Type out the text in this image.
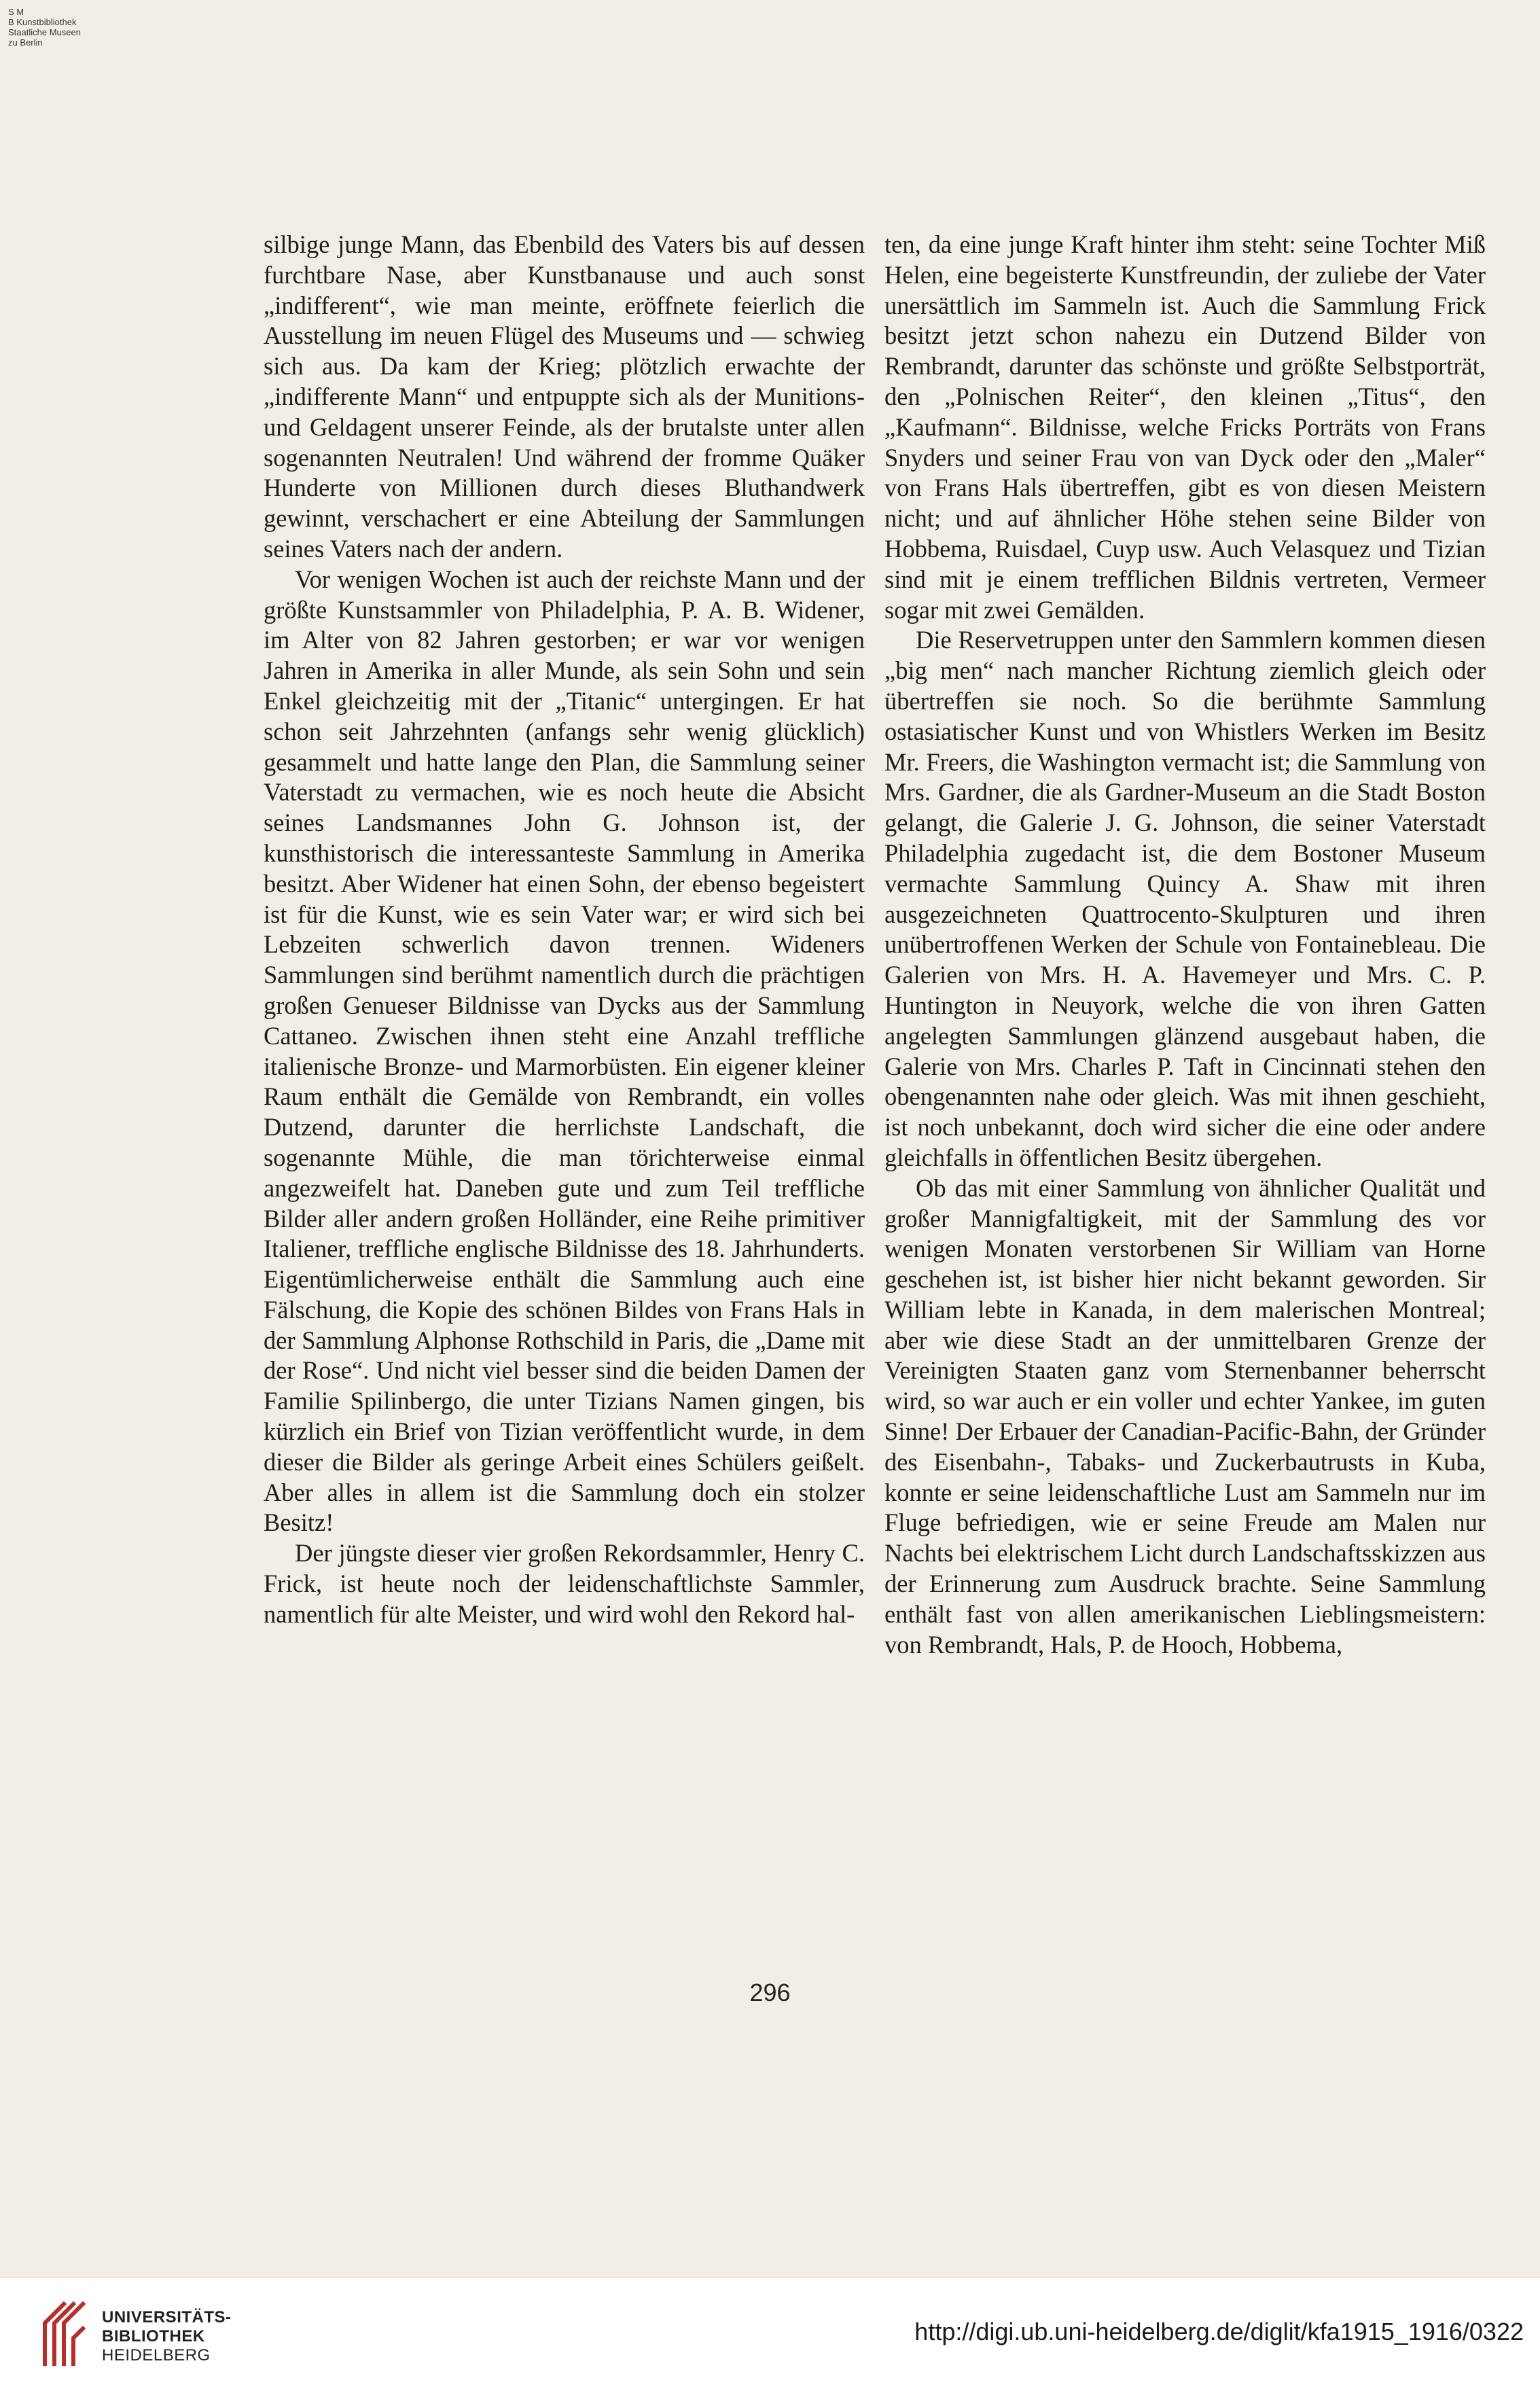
S M
B Kunstbibliothek
Staatliche Museen
zu Berlin

silbige junge Mann, das Ebenbild des Vaters bis auf dessen furchtbare Nase, aber Kunstbanause und auch sonst „indifferent“, wie man meinte, eröffnete feierlich die Ausstellung im neuen Flügel des Museums und — schwieg sich aus. Da kam der Krieg; plötzlich erwachte der „indifferente Mann“ und entpuppte sich als der Munitions- und Geldagent unserer Feinde, als der brutalste unter allen sogenannten Neutralen! Und während der fromme Quäker Hunderte von Millionen durch dieses Bluthandwerk gewinnt, verschachert er eine Abteilung der Sammlungen seines Vaters nach der andern.

Vor wenigen Wochen ist auch der reichste Mann und der größte Kunstsammler von Philadelphia, P. A. B. Widener, im Alter von 82 Jahren gestorben; er war vor wenigen Jahren in Amerika in aller Munde, als sein Sohn und sein Enkel gleichzeitig mit der „Titanic“ untergingen. Er hat schon seit Jahrzehnten (anfangs sehr wenig glücklich) gesammelt und hatte lange den Plan, die Sammlung seiner Vaterstadt zu vermachen, wie es noch heute die Absicht seines Landsmannes John G. Johnson ist, der kunsthistorisch die interessanteste Sammlung in Amerika besitzt. Aber Widener hat einen Sohn, der ebenso begeistert ist für die Kunst, wie es sein Vater war; er wird sich bei Lebzeiten schwerlich davon trennen. Wideners Sammlungen sind berühmt namentlich durch die prächtigen großen Genueser Bildnisse van Dycks aus der Sammlung Cattaneo. Zwischen ihnen steht eine Anzahl treffliche italienische Bronze- und Marmorbüsten. Ein eigener kleiner Raum enthält die Gemälde von Rembrandt, ein volles Dutzend, darunter die herrlichste Landschaft, die sogenannte Mühle, die man törichterweise einmal angezweifelt hat. Daneben gute und zum Teil treffliche Bilder aller andern großen Holländer, eine Reihe primitiver Italiener, treffliche englische Bildnisse des 18. Jahrhunderts. Eigentümlicherweise enthält die Sammlung auch eine Fälschung, die Kopie des schönen Bildes von Frans Hals in der Sammlung Alphonse Rothschild in Paris, die „Dame mit der Rose“. Und nicht viel besser sind die beiden Damen der Familie Spilinbergo, die unter Tizians Namen gingen, bis kürzlich ein Brief von Tizian veröffentlicht wurde, in dem dieser die Bilder als geringe Arbeit eines Schülers geißelt. Aber alles in allem ist die Sammlung doch ein stolzer Besitz!

Der jüngste dieser vier großen Rekordsammler, Henry C. Frick, ist heute noch der leidenschaftlichste Sammler, namentlich für alte Meister, und wird wohl den Rekord hal-

ten, da eine junge Kraft hinter ihm steht: seine Tochter Miß Helen, eine begeisterte Kunstfreundin, der zuliebe der Vater unersättlich im Sammeln ist. Auch die Sammlung Frick besitzt jetzt schon nahezu ein Dutzend Bilder von Rembrandt, darunter das schönste und größte Selbstporträt, den „Polnischen Reiter“, den kleinen „Titus“, den „Kaufmann“. Bildnisse, welche Fricks Porträts von Frans Snyders und seiner Frau von van Dyck oder den „Maler“ von Frans Hals übertreffen, gibt es von diesen Meistern nicht; und auf ähnlicher Höhe stehen seine Bilder von Hobbema, Ruisdael, Cuyp usw. Auch Velasquez und Tizian sind mit je einem trefflichen Bildnis vertreten, Vermeer sogar mit zwei Gemälden.

Die Reservetruppen unter den Sammlern kommen diesen „big men“ nach mancher Richtung ziemlich gleich oder übertreffen sie noch. So die berühmte Sammlung ostasiatischer Kunst und von Whistlers Werken im Besitz Mr. Freers, die Washington vermacht ist; die Sammlung von Mrs. Gardner, die als Gardner-Museum an die Stadt Boston gelangt, die Galerie J. G. Johnson, die seiner Vaterstadt Philadelphia zugedacht ist, die dem Bostoner Museum vermachte Sammlung Quincy A. Shaw mit ihren ausgezeichneten Quattrocento-Skulpturen und ihren unübertroffenen Werken der Schule von Fontainebleau. Die Galerien von Mrs. H. A. Havemeyer und Mrs. C. P. Huntington in Neuyork, welche die von ihren Gatten angelegten Sammlungen glänzend ausgebaut haben, die Galerie von Mrs. Charles P. Taft in Cincinnati stehen den obengenannten nahe oder gleich. Was mit ihnen geschieht, ist noch unbekannt, doch wird sicher die eine oder andere gleichfalls in öffentlichen Besitz übergehen.

Ob das mit einer Sammlung von ähnlicher Qualität und großer Mannigfaltigkeit, mit der Sammlung des vor wenigen Monaten verstorbenen Sir William van Horne geschehen ist, ist bisher hier nicht bekannt geworden. Sir William lebte in Kanada, in dem malerischen Montreal; aber wie diese Stadt an der unmittelbaren Grenze der Vereinigten Staaten ganz vom Sternenbanner beherrscht wird, so war auch er ein voller und echter Yankee, im guten Sinne! Der Erbauer der Canadian-Pacific-Bahn, der Gründer des Eisenbahn-, Tabaks- und Zuckerbautrusts in Kuba, konnte er seine leidenschaftliche Lust am Sammeln nur im Fluge befriedigen, wie er seine Freude am Malen nur Nachts bei elektrischem Licht durch Landschaftsskizzen aus der Erinnerung zum Ausdruck brachte. Seine Sammlung enthält fast von allen amerikanischen Lieblingsmeistern: von Rembrandt, Hals, P. de Hooch, Hobbema,

296
UNIVERSITÄTS-
BIBLIOTHEK
HEIDELBERG
http://digi.ub.uni-heidelberg.de/diglit/kfa1915_1916/0322
